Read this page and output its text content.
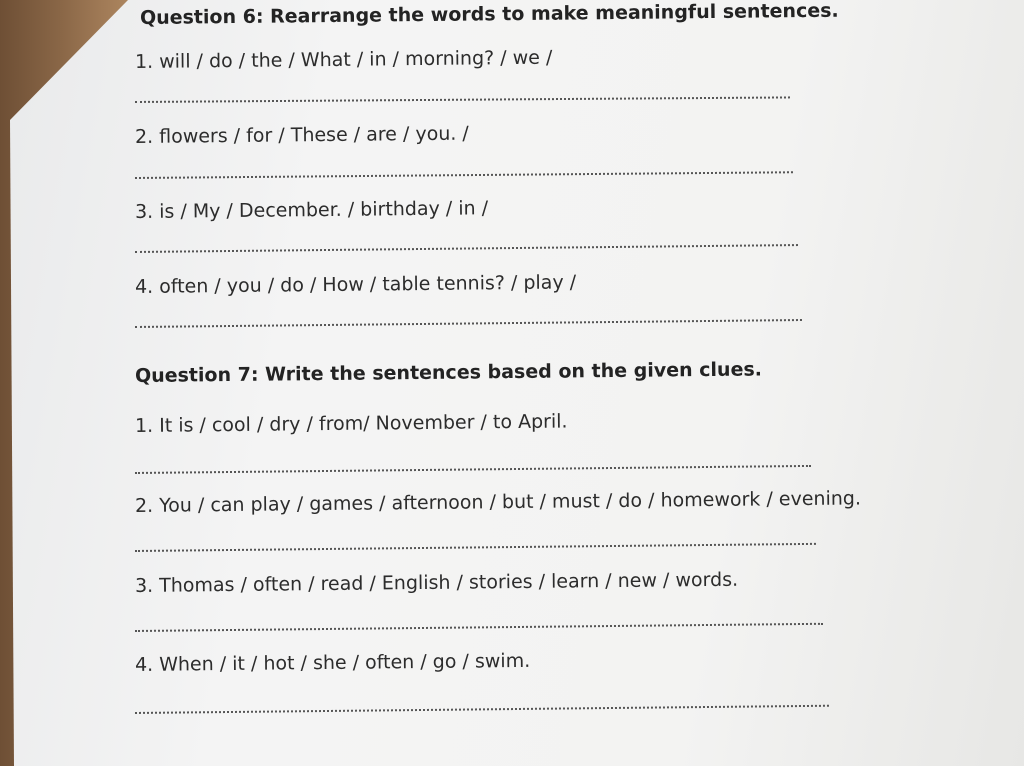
Question 6: Rearrange the words to make meaningful sentences.
1. will / do / the / What / in / morning? / we /
2. flowers / for / These / are / you. /
3. is / My / December. / birthday / in /
4. often / you / do / How / table tennis? / play /
Question 7: Write the sentences based on the given clues.
1. It is / cool / dry / from/ November / to April.
2. You / can play / games / afternoon / but / must / do / homework / evening.
3. Thomas / often / read / English / stories / learn / new / words.
4. When / it / hot / she / often / go / swim.
